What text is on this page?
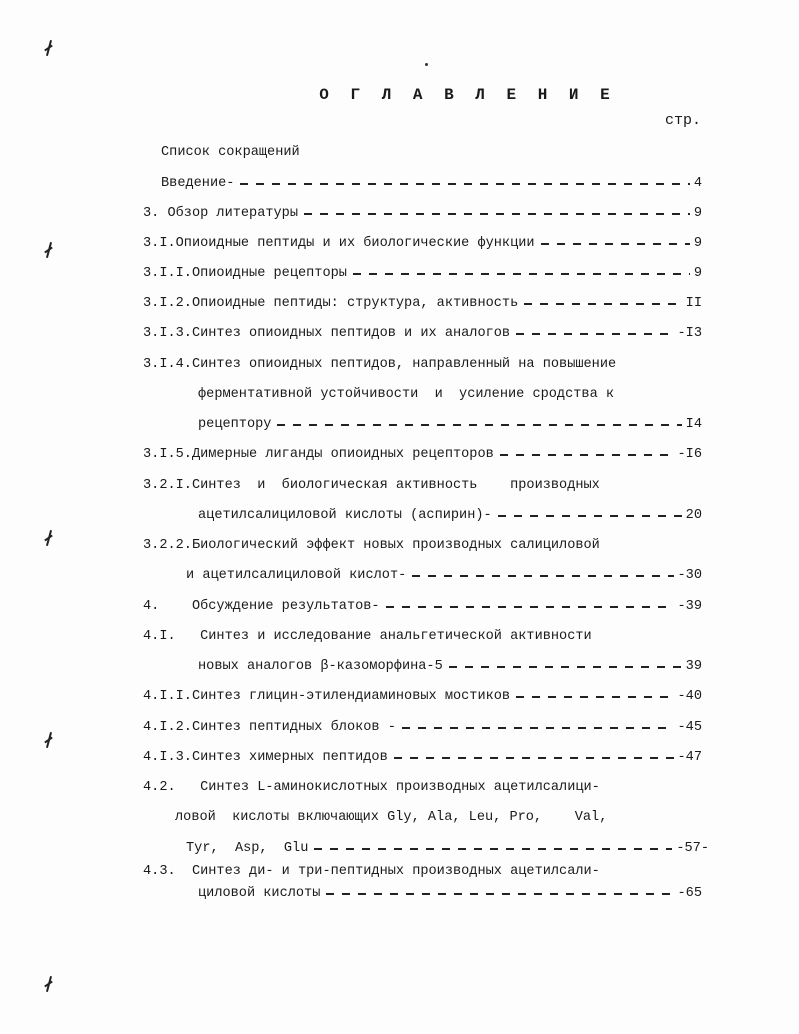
О Г Л А В Л Е Н И Е
стр.
Список сокращений
Введение-	4
3. Обзор литературы	9
3.I.Опиоидные пептиды и их биологические функции	9
3.I.I.Опиоидные рецепторы	9
3.I.2.Опиоидные пептиды: структура, активность	II
3.I.3.Синтез опиоидных пептидов и их аналогов	-I3
3.I.4.Синтез опиоидных пептидов, направленный на повышение
ферментативной устойчивости  и  усиление сродства к
рецептору	I4
3.I.5.Димерные лиганды опиоидных рецепторов	-I6
3.2.I.Синтез  и  биологическая активность    производных
ацетилсалициловой кислоты (аспирин)-	20
3.2.2.Биологический эффект новых производных салициловой
и ацетилсалициловой кислот-	-30
4.    Обсуждение результатов-	-39
4.I.   Синтез и исследование анальгетической активности
новых аналогов β-казоморфина-5	39
4.I.I.Синтез глицин-этилендиаминовых мостиков	-40
4.I.2.Синтез пептидных блоков -	-45
4.I.3.Синтез химерных пептидов	-47
4.2.   Синтез L-аминокислотных производных ацетилсалици-
ловой  кислоты включающих Gly, Ala, Leu, Pro,    Val,
Tyr,  Asp,  Glu	-57-
4.3.  Синтез ди- и три-пептидных производных ацетилсали-
циловой кислоты	-65
